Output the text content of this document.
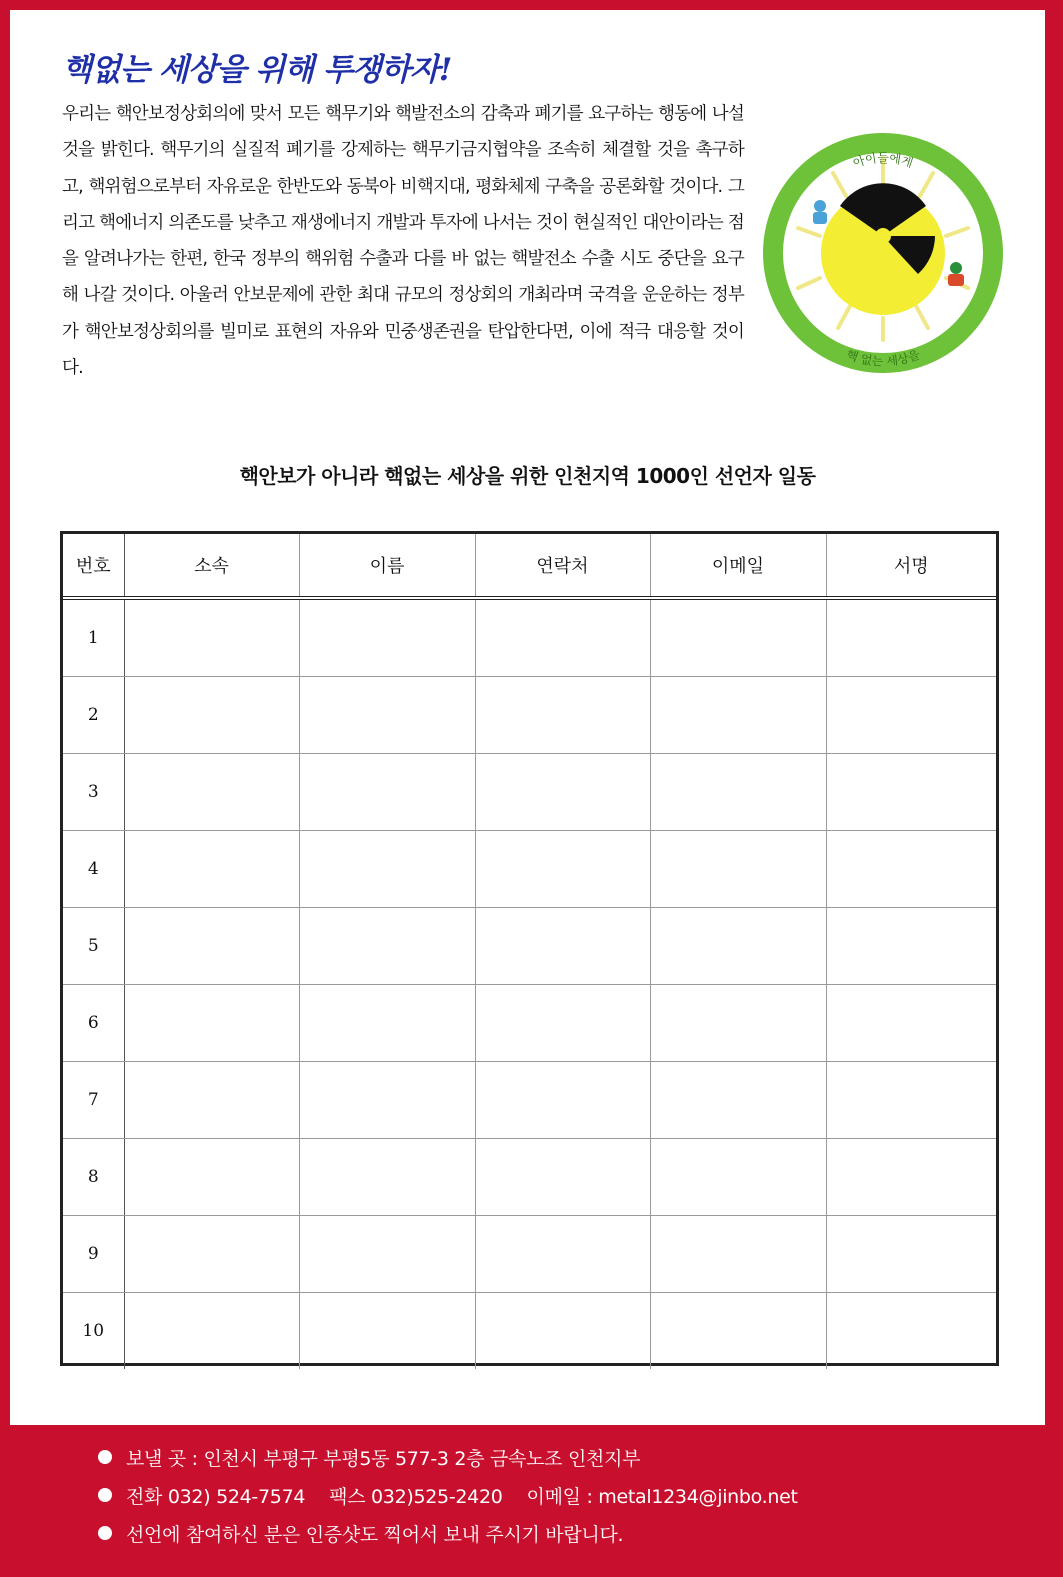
핵없는 세상을 위해 투쟁하자!
우리는 핵안보정상회의에 맞서 모든 핵무기와 핵발전소의 감축과 폐기를 요구하는 행동에 나설 것을 밝힌다. 핵무기의 실질적 폐기를 강제하는 핵무기금지협약을 조속히 체결할 것을 촉구하고, 핵위험으로부터 자유로운 한반도와 동북아 비핵지대, 평화체제 구축을 공론화할 것이다. 그리고 핵에너지 의존도를 낮추고 재생에너지 개발과 투자에 나서는 것이 현실적인 대안이라는 점을 알려나가는 한편, 한국 정부의 핵위험 수출과 다를 바 없는 핵발전소 수출 시도 중단을 요구해 나갈 것이다. 아울러 안보문제에 관한 최대 규모의 정상회의 개최라며 국격을 운운하는 정부가 핵안보정상회의를 빌미로 표현의 자유와 민중생존권을 탄압한다면, 이에 적극 대응할 것이다.
아이들에게
핵 없는 세상을
핵안보가 아니라 핵없는 세상을 위한 인천지역 1000인 선언자 일동
번호	소속	이름	연락처	이메일	서명
1					
2					
3					
4					
5					
6					
7					
8					
9					
10					
보낼 곳 : 인천시 부평구 부평5동 577-3 2층 금속노조 인천지부
전화 032) 524-7574 팩스 032)525-2420 이메일 : metal1234@jinbo.net
선언에 참여하신 분은 인증샷도 찍어서 보내 주시기 바랍니다.
